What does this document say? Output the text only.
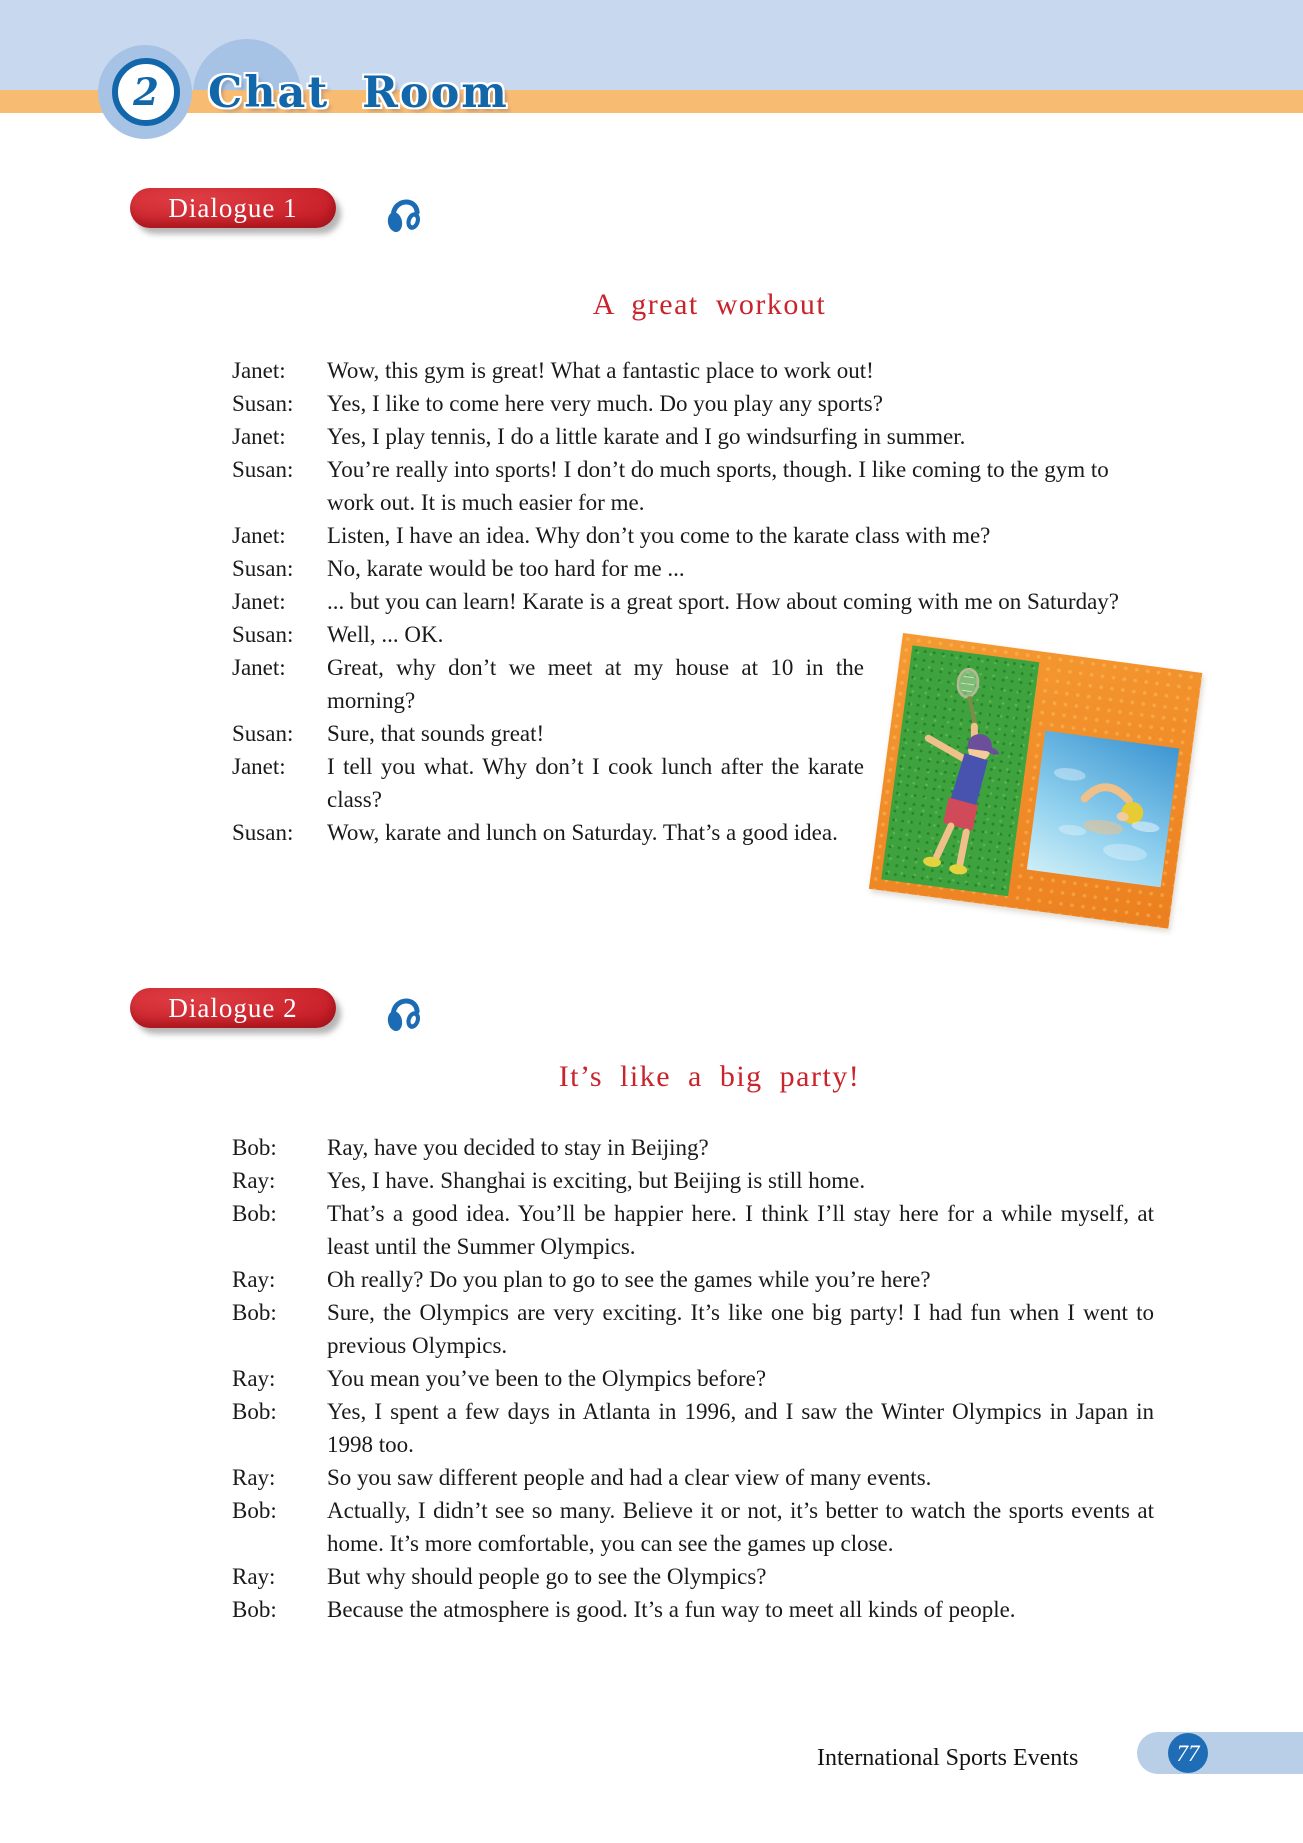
2 Chat Room
Dialogue 1
A great workout
Janet: Wow, this gym is great! What a fantastic place to work out!
Susan: Yes, I like to come here very much. Do you play any sports?
Janet: Yes, I play tennis, I do a little karate and I go windsurfing in summer.
Susan: You’re really into sports! I don’t do much sports, though. I like coming to the gym to work out. It is much easier for me.
Janet: Listen, I have an idea. Why don’t you come to the karate class with me?
Susan: No, karate would be too hard for me ...
Janet: ... but you can learn! Karate is a great sport. How about coming with me on Saturday?
Susan: Well, ... OK.
Janet: Great, why don’t we meet at my house at 10 in the morning?
Susan: Sure, that sounds great!
Janet: I tell you what. Why don’t I cook lunch after the karate class?
Susan: Wow, karate and lunch on Saturday. That’s a good idea.
Dialogue 2
It’s like a big party!
Bob: Ray, have you decided to stay in Beijing?
Ray: Yes, I have. Shanghai is exciting, but Beijing is still home.
Bob: That’s a good idea. You’ll be happier here. I think I’ll stay here for a while myself, at least until the Summer Olympics.
Ray: Oh really? Do you plan to go to see the games while you’re here?
Bob: Sure, the Olympics are very exciting. It’s like one big party! I had fun when I went to previous Olympics.
Ray: You mean you’ve been to the Olympics before?
Bob: Yes, I spent a few days in Atlanta in 1996, and I saw the Winter Olympics in Japan in 1998 too.
Ray: So you saw different people and had a clear view of many events.
Bob: Actually, I didn’t see so many. Believe it or not, it’s better to watch the sports events at home. It’s more comfortable, you can see the games up close.
Ray: But why should people go to see the Olympics?
Bob: Because the atmosphere is good. It’s a fun way to meet all kinds of people.
International Sports Events	77
